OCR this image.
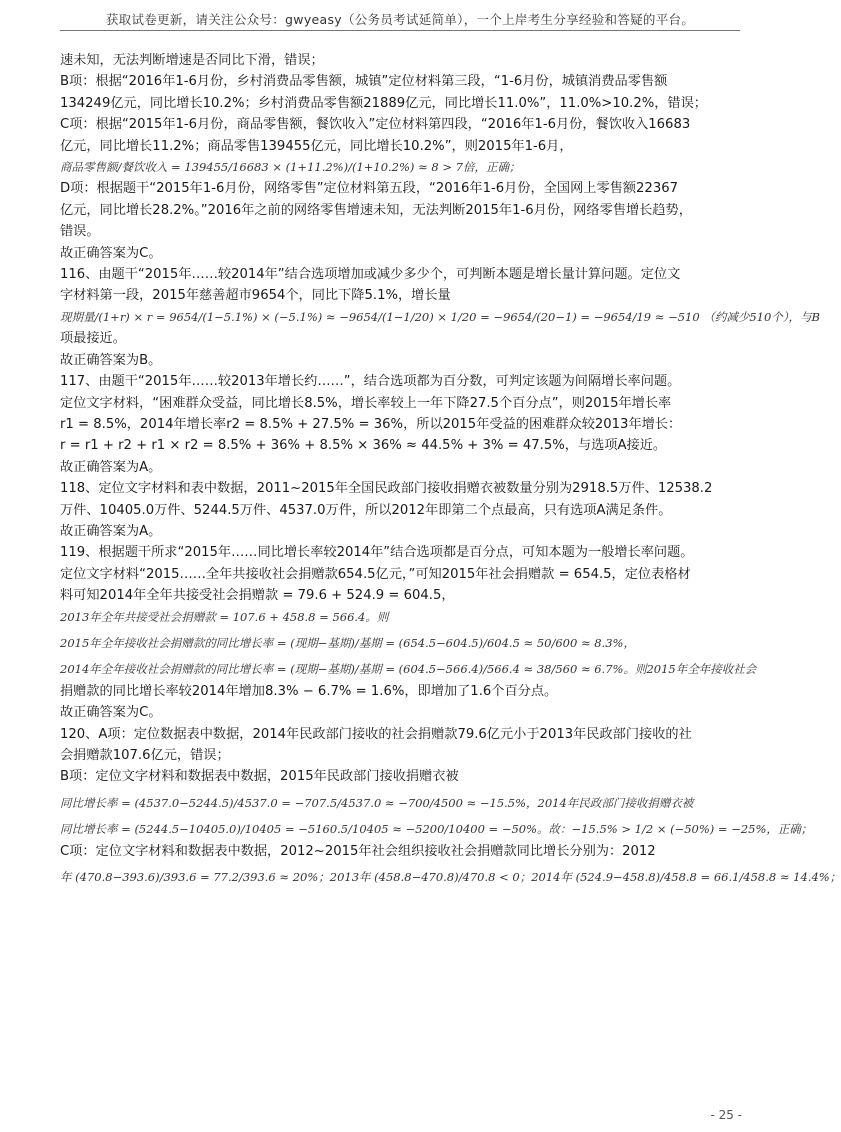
获取试卷更新，请关注公众号：gwyeasy（公务员考试延简单），一个上岸考生分享经验和答疑的平台。
速未知，无法判断增速是否同比下滑，错误；
B项：根据“2016年1-6月份，乡村消费品零售额，城镇”定位材料第三段，“1-6月份，城镇消费品零售额
134249亿元，同比增长10.2%；乡村消费品零售额21889亿元，同比增长11.0%”，11.0%>10.2%，错误；
C项：根据“2015年1-6月份，商品零售额，餐饮收入”定位材料第四段，“2016年1-6月份，餐饮收入16683
亿元，同比增长11.2%；商品零售139455亿元，同比增长10.2%”，则2015年1-6月，
商品零售额/餐饮收入 = 139455/16683 × (1+11.2%)/(1+10.2%) ≈ 8 > 7倍，正确；
D项：根据题干“2015年1-6月份，网络零售”定位材料第五段，“2016年1-6月份，全国网上零售额22367
亿元，同比增长28.2%。”2016年之前的网络零售增速未知，无法判断2015年1-6月份，网络零售增长趋势，
错误。
故正确答案为C。
116、由题干“2015年……较2014年”结合选项增加或减少多少个，可判断本题是增长量计算问题。定位文
字材料第一段，2015年慈善超市9654个，同比下降5.1%，增长量
现期量/(1+r) × r = 9654/(1−5.1%) × (−5.1%) ≈ −9654/(1−1/20) × 1/20 = −9654/(20−1) = −9654/19 ≈ −510 （约减少510个），与B
项最接近。
故正确答案为B。
117、由题干“2015年……较2013年增长约……”，结合选项都为百分数，可判定该题为间隔增长率问题。
定位文字材料，“困难群众受益，同比增长8.5%，增长率较上一年下降27.5个百分点”，则2015年增长率
r1 = 8.5%，2014年增长率r2 = 8.5% + 27.5% = 36%，所以2015年受益的困难群众较2013年增长：
r = r1 + r2 + r1 × r2 = 8.5% + 36% + 8.5% × 36% ≈ 44.5% + 3% = 47.5%，与选项A接近。
故正确答案为A。
118、定位文字材料和表中数据，2011~2015年全国民政部门接收捐赠衣被数量分别为2918.5万件、12538.2
万件、10405.0万件、5244.5万件、4537.0万件，所以2012年即第二个点最高，只有选项A满足条件。
故正确答案为A。
119、根据题干所求“2015年……同比增长率较2014年”结合选项都是百分点，可知本题为一般增长率问题。
定位文字材料“2015……全年共接收社会捐赠款654.5亿元，”可知2015年社会捐赠款 = 654.5，定位表格材
料可知2014年全年共接受社会捐赠款 = 79.6 + 524.9 = 604.5，
2013年全年共接受社会捐赠款 = 107.6 + 458.8 = 566.4。则
2015年全年接收社会捐赠款的同比增长率 = (现期−基期)/基期 = (654.5−604.5)/604.5 ≈ 50/600 ≈ 8.3%，
2014年全年接收社会捐赠款的同比增长率 = (现期−基期)/基期 = (604.5−566.4)/566.4 ≈ 38/560 ≈ 6.7%。则2015年全年接收社会
捐赠款的同比增长率较2014年增加8.3% − 6.7% = 1.6%，即增加了1.6个百分点。
故正确答案为C。
120、A项：定位数据表中数据，2014年民政部门接收的社会捐赠款79.6亿元小于2013年民政部门接收的社
会捐赠款107.6亿元，错误；
B项：定位文字材料和数据表中数据，2015年民政部门接收捐赠衣被
同比增长率 = (4537.0−5244.5)/4537.0 = −707.5/4537.0 ≈ −700/4500 ≈ −15.5%，2014年民政部门接收捐赠衣被
同比增长率 = (5244.5−10405.0)/10405 = −5160.5/10405 ≈ −5200/10400 = −50%。故：−15.5% > 1/2 × (−50%) = −25%，正确；
C项：定位文字材料和数据表中数据，2012~2015年社会组织接收社会捐赠款同比增长分别为：2012
年 (470.8−393.6)/393.6 = 77.2/393.6 ≈ 20%；2013年 (458.8−470.8)/470.8 < 0；2014年 (524.9−458.8)/458.8 = 66.1/458.8 ≈ 14.4%；
- 25 -
